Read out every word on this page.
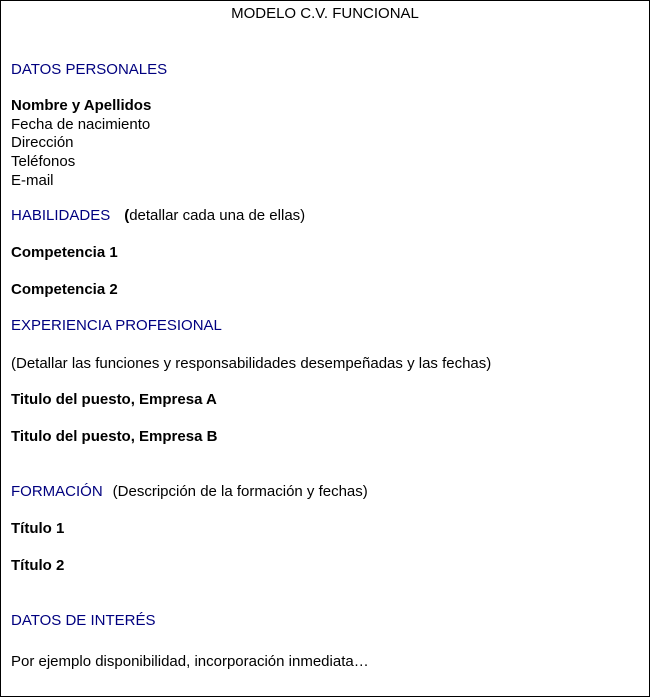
MODELO C.V. FUNCIONAL
DATOS PERSONALES
Nombre y Apellidos
Fecha de nacimiento
Dirección
Teléfonos
E-mail
HABILIDADES (detallar cada una de ellas)
Competencia 1
Competencia 2
EXPERIENCIA PROFESIONAL
(Detallar las funciones y responsabilidades desempeñadas y las fechas)
Titulo del puesto, Empresa A
Titulo del puesto, Empresa B
FORMACIÓN (Descripción de la formación y fechas)
Título 1
Título 2
DATOS DE INTERÉS
Por ejemplo disponibilidad, incorporación inmediata…
